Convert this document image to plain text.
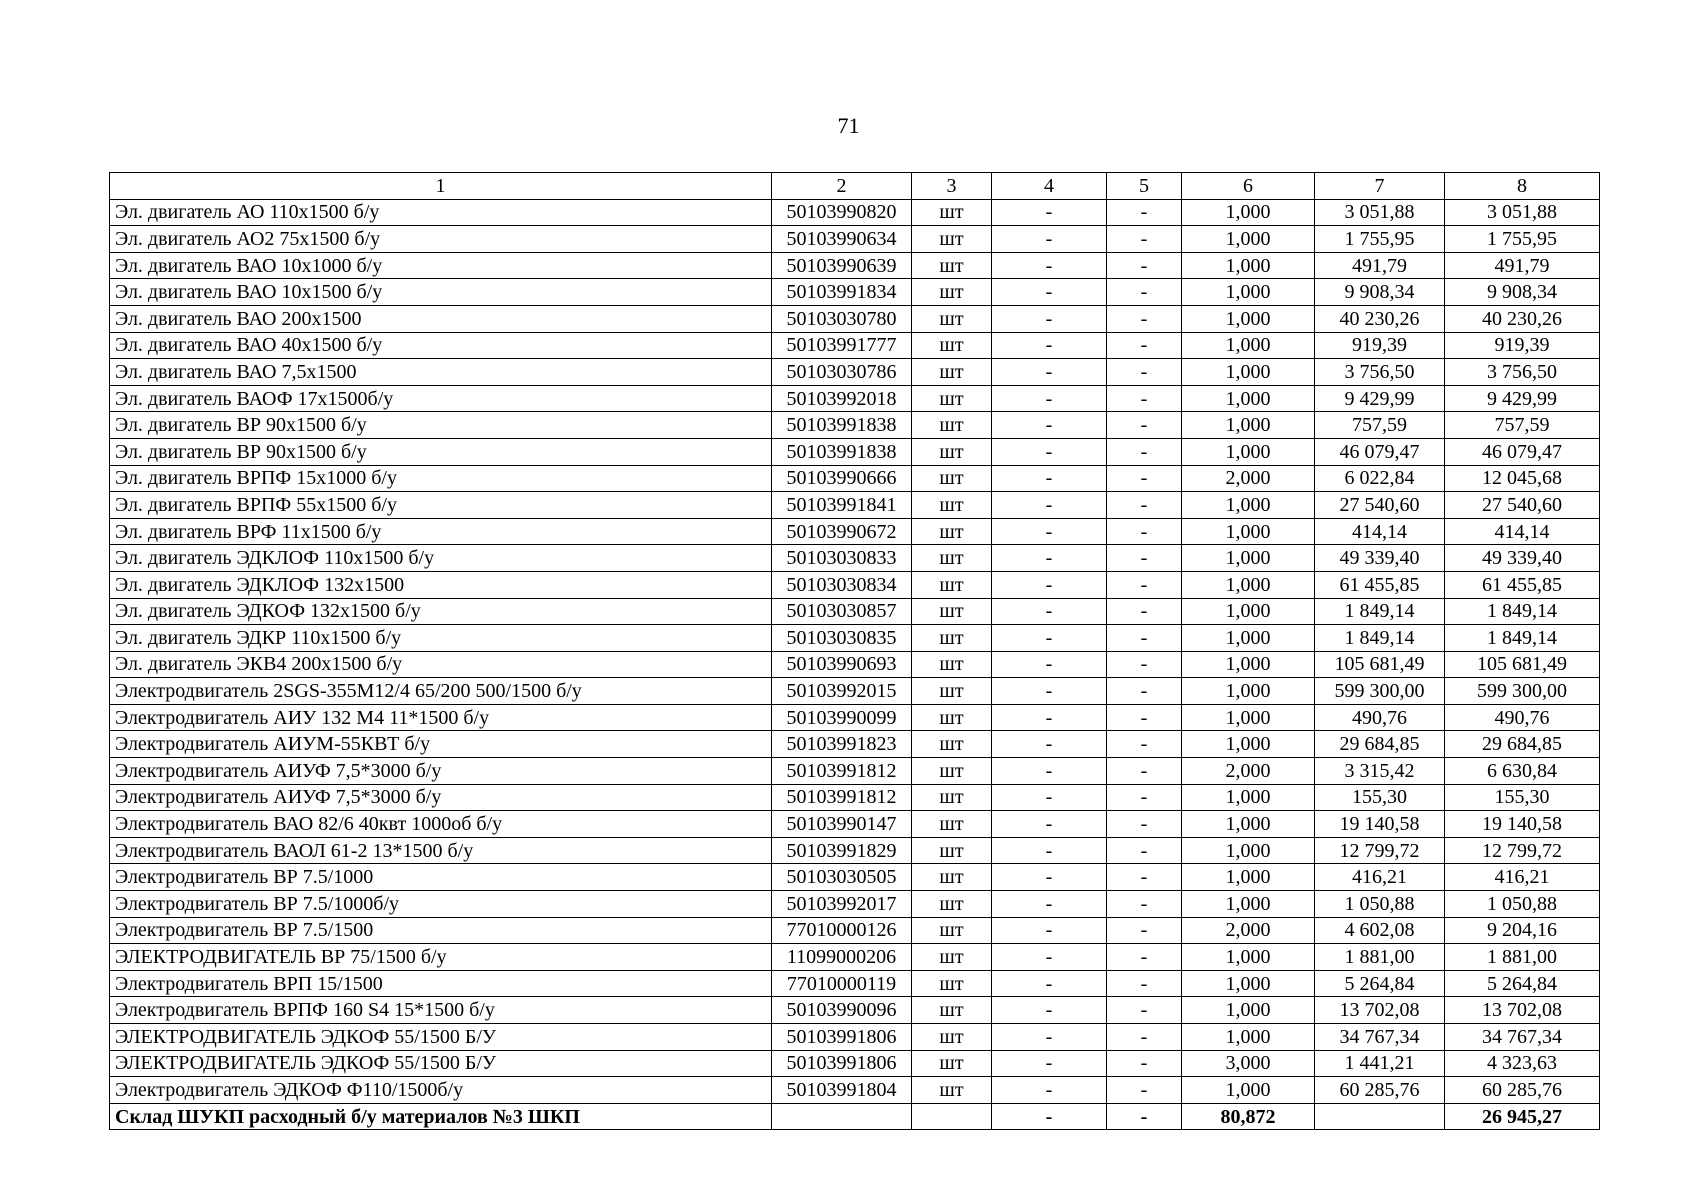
71
1	2	3	4	5	6	7	8
Эл. двигатель АО 110х1500 б/у	50103990820	шт	-	-	1,000	3 051,88	3 051,88
Эл. двигатель АО2 75х1500 б/у	50103990634	шт	-	-	1,000	1 755,95	1 755,95
Эл. двигатель ВАО 10х1000 б/у	50103990639	шт	-	-	1,000	491,79	491,79
Эл. двигатель ВАО 10х1500 б/у	50103991834	шт	-	-	1,000	9 908,34	9 908,34
Эл. двигатель ВАО 200х1500	50103030780	шт	-	-	1,000	40 230,26	40 230,26
Эл. двигатель ВАО 40х1500 б/у	50103991777	шт	-	-	1,000	919,39	919,39
Эл. двигатель ВАО 7,5х1500	50103030786	шт	-	-	1,000	3 756,50	3 756,50
Эл. двигатель ВАОФ 17х1500б/у	50103992018	шт	-	-	1,000	9 429,99	9 429,99
Эл. двигатель ВР 90х1500 б/у	50103991838	шт	-	-	1,000	757,59	757,59
Эл. двигатель ВР 90х1500 б/у	50103991838	шт	-	-	1,000	46 079,47	46 079,47
Эл. двигатель ВРПФ 15х1000 б/у	50103990666	шт	-	-	2,000	6 022,84	12 045,68
Эл. двигатель ВРПФ 55х1500 б/у	50103991841	шт	-	-	1,000	27 540,60	27 540,60
Эл. двигатель ВРФ 11х1500 б/у	50103990672	шт	-	-	1,000	414,14	414,14
Эл. двигатель ЭДКЛОФ 110х1500 б/у	50103030833	шт	-	-	1,000	49 339,40	49 339,40
Эл. двигатель ЭДКЛОФ 132х1500	50103030834	шт	-	-	1,000	61 455,85	61 455,85
Эл. двигатель ЭДКОФ 132х1500 б/у	50103030857	шт	-	-	1,000	1 849,14	1 849,14
Эл. двигатель ЭДКР 110х1500 б/у	50103030835	шт	-	-	1,000	1 849,14	1 849,14
Эл. двигатель ЭКВ4 200х1500 б/у	50103990693	шт	-	-	1,000	105 681,49	105 681,49
Электродвигатель 2SGS-355M12/4 65/200 500/1500 б/у	50103992015	шт	-	-	1,000	599 300,00	599 300,00
Электродвигатель АИУ 132 М4 11*1500 б/у	50103990099	шт	-	-	1,000	490,76	490,76
Электродвигатель АИУМ-55КВТ б/у	50103991823	шт	-	-	1,000	29 684,85	29 684,85
Электродвигатель АИУФ 7,5*3000 б/у	50103991812	шт	-	-	2,000	3 315,42	6 630,84
Электродвигатель АИУФ 7,5*3000 б/у	50103991812	шт	-	-	1,000	155,30	155,30
Электродвигатель ВАО 82/6 40квт 1000об б/у	50103990147	шт	-	-	1,000	19 140,58	19 140,58
Электродвигатель ВАОЛ 61-2 13*1500 б/у	50103991829	шт	-	-	1,000	12 799,72	12 799,72
Электродвигатель ВР 7.5/1000	50103030505	шт	-	-	1,000	416,21	416,21
Электродвигатель ВР 7.5/1000б/у	50103992017	шт	-	-	1,000	1 050,88	1 050,88
Электродвигатель ВР 7.5/1500	77010000126	шт	-	-	2,000	4 602,08	9 204,16
ЭЛЕКТРОДВИГАТЕЛЬ ВР 75/1500 б/у	11099000206	шт	-	-	1,000	1 881,00	1 881,00
Электродвигатель ВРП 15/1500	77010000119	шт	-	-	1,000	5 264,84	5 264,84
Электродвигатель ВРПФ 160 S4 15*1500 б/у	50103990096	шт	-	-	1,000	13 702,08	13 702,08
ЭЛЕКТРОДВИГАТЕЛЬ ЭДКОФ 55/1500 Б/У	50103991806	шт	-	-	1,000	34 767,34	34 767,34
ЭЛЕКТРОДВИГАТЕЛЬ ЭДКОФ 55/1500 Б/У	50103991806	шт	-	-	3,000	1 441,21	4 323,63
Электродвигатель ЭДКОФ Ф110/1500б/у	50103991804	шт	-	-	1,000	60 285,76	60 285,76
Склад ШУКП расходный б/у материалов №3 ШКП			-	-	80,872		26 945,27
